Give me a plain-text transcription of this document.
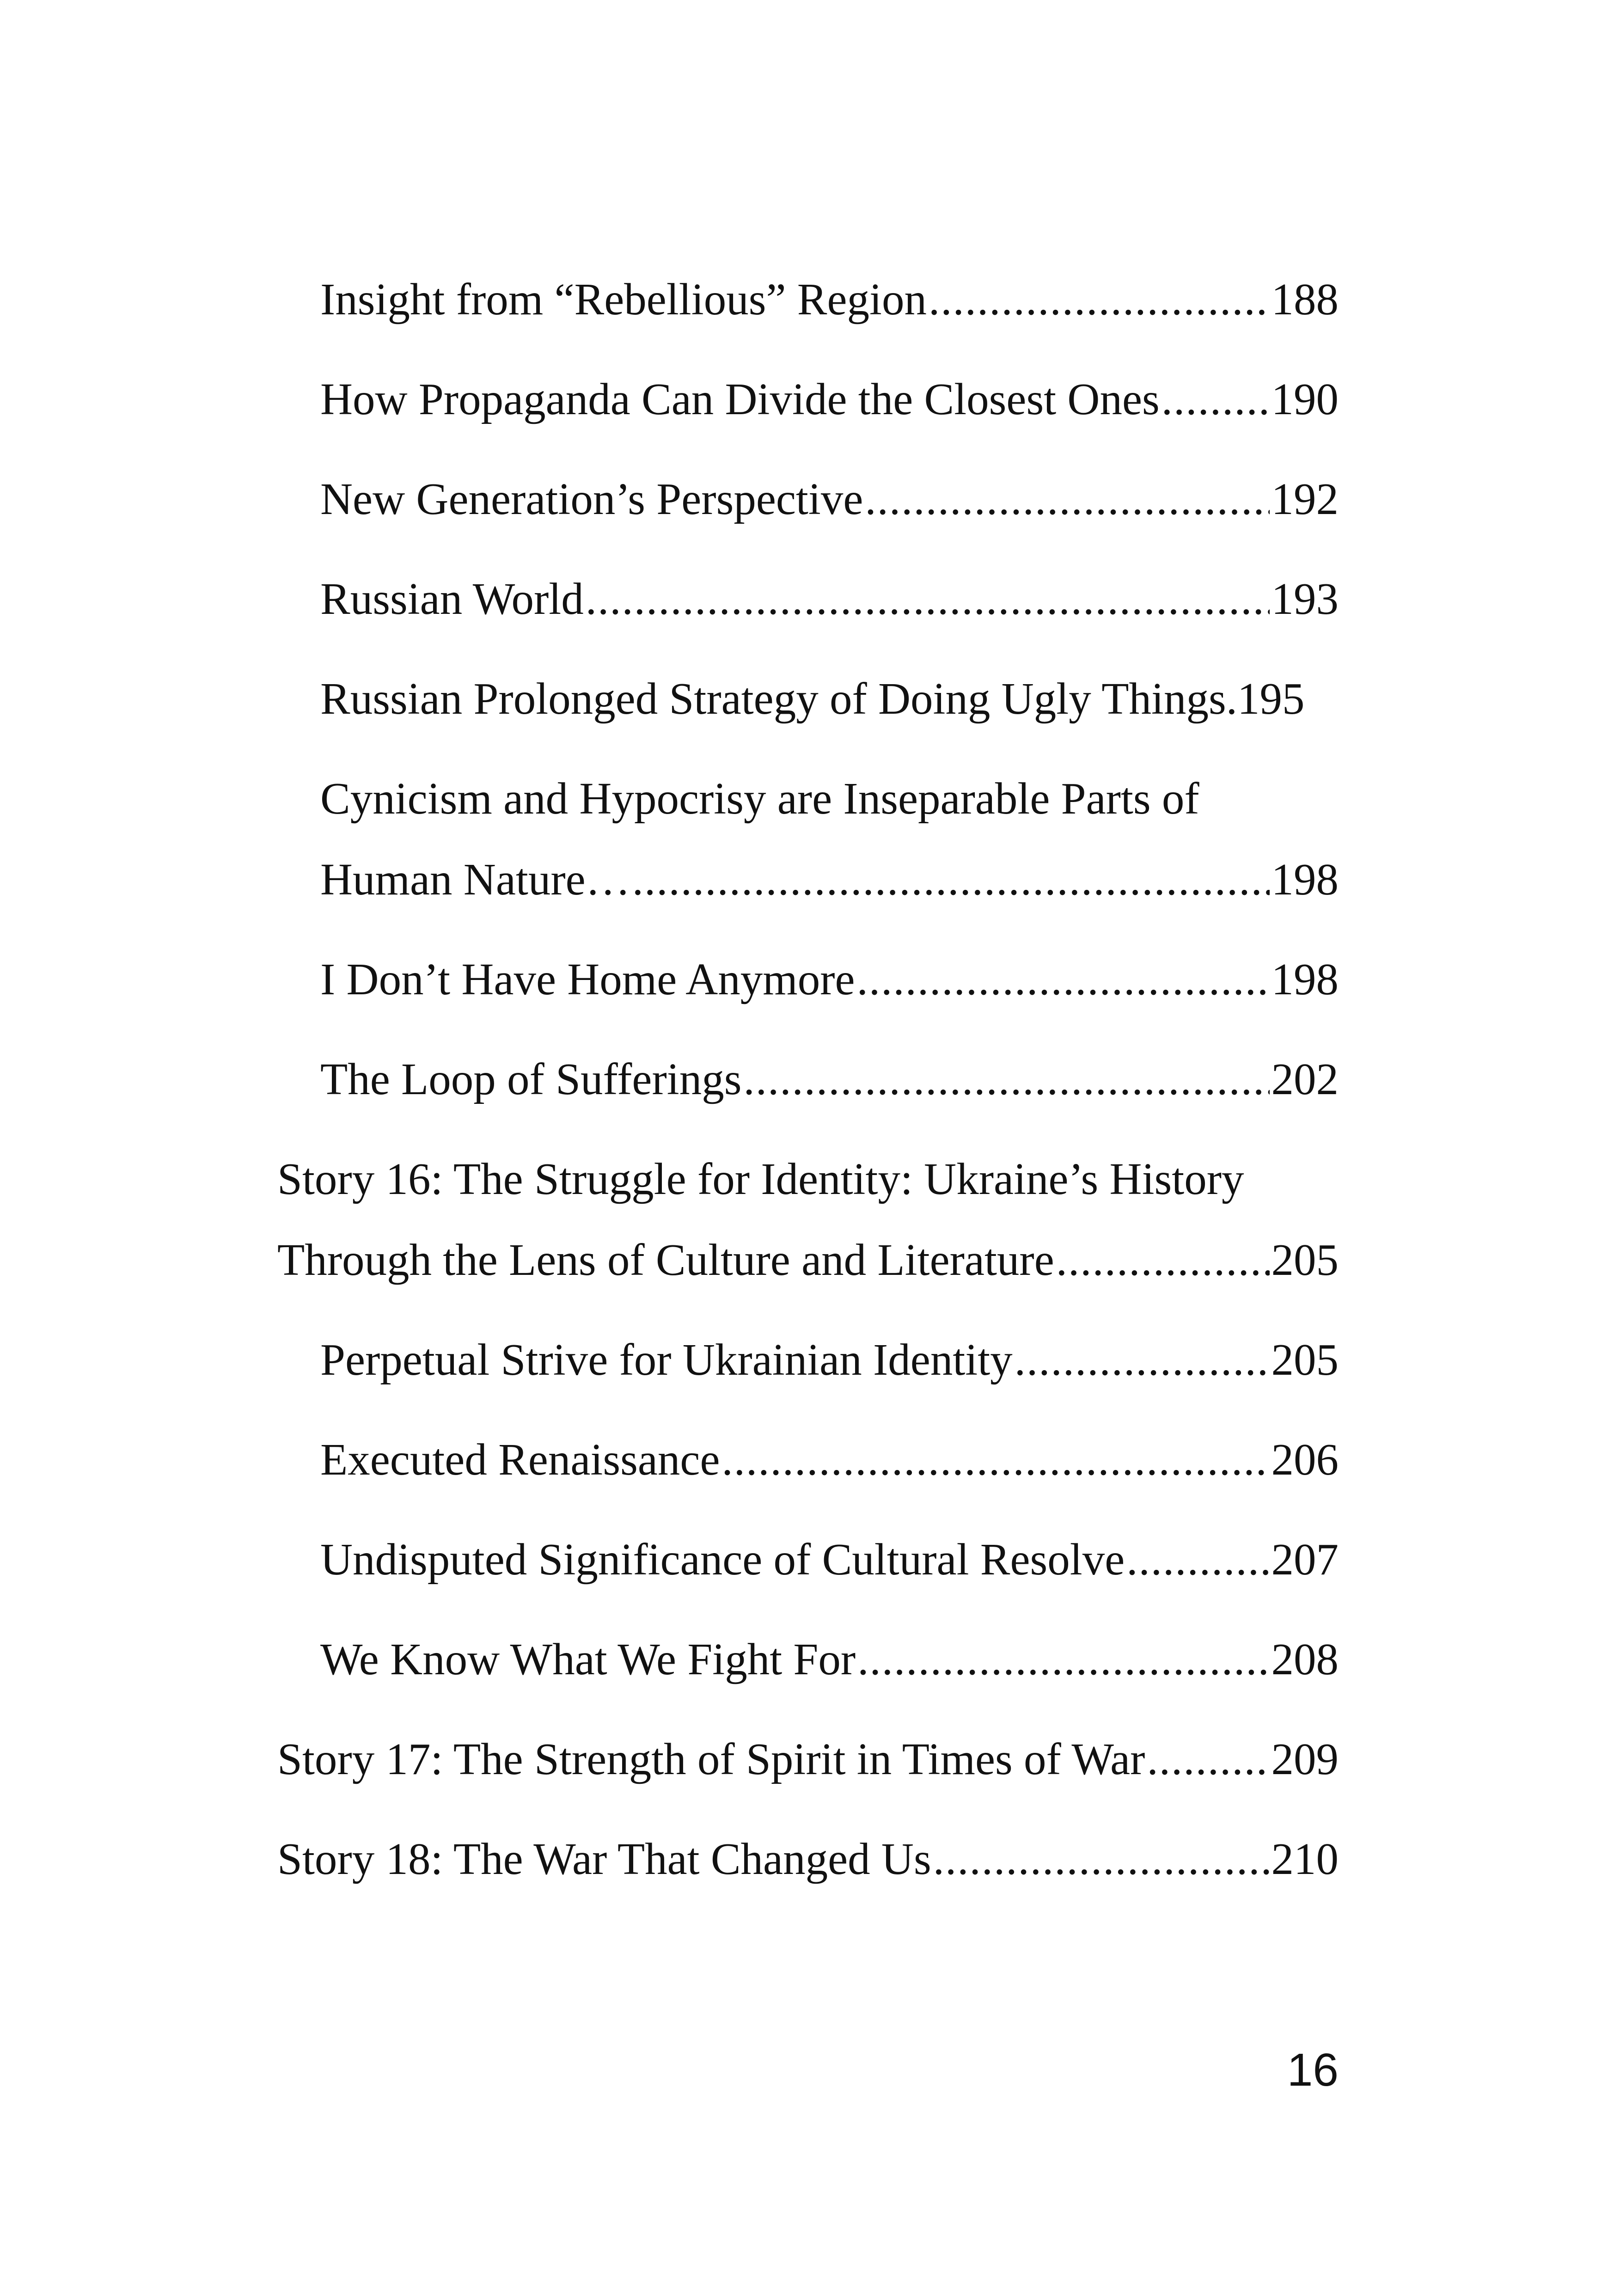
Insight from “Rebellious” Region .....	188
How Propaganda Can Divide the Closest Ones ..... 190
New Generation’s Perspective .....	192
Russian World .....	193
Russian Prolonged Strategy of Doing Ugly Things. 195
Cynicism and Hypocrisy are Inseparable Parts of
Human Nature… .....	198
I Don’t Have Home Anymore .....	198
The Loop of Sufferings .....	202
Story 16: The Struggle for Identity: Ukraine’s History
Through the Lens of Culture and Literature .....	205
Perpetual Strive for Ukrainian Identity .....	205
Executed Renaissance .....	206
Undisputed Significance of Cultural Resolve .....	207
We Know What We Fight For .....	208
Story 17: The Strength of Spirit in Times of War .....	209
Story 18: The War That Changed Us .....	210
16
